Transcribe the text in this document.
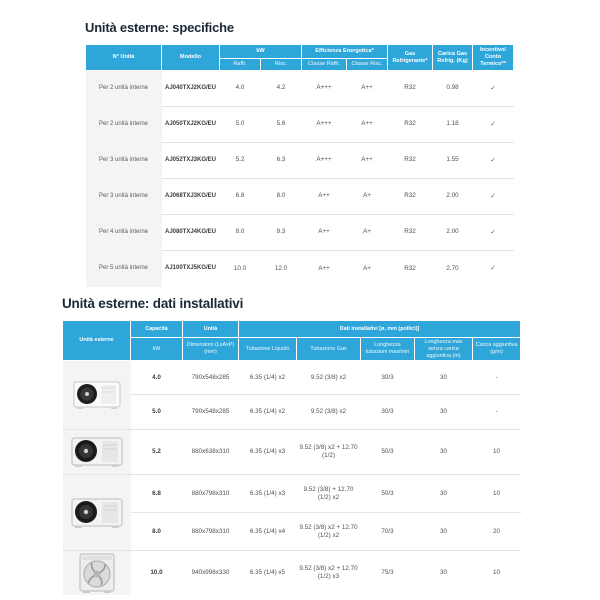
Unità esterne: specifiche
N° Unità	Modello	kW		Efficienza Energetica*		Gas Refrigerante*	Carica Gas Refrig. (Kg)	Incentivo/ Conto Termico**
		Raffr.	Risc.	Classe Raffr.	Classe Risc.			
Per 2 unità interne	AJ040TXJ2KG/EU	4.0	4.2	A+++	A++	R32	0.98	✓
Per 2 unità interne	AJ050TXJ2KG/EU	5.0	5.6	A+++	A++	R32	1.18	✓
Per 3 unità interne	AJ052TXJ3KG/EU	5.2	6.3	A+++	A++	R32	1.55	✓
Per 3 unità interne	AJ068TXJ3KG/EU	6.8	8.0	A++	A+	R32	2.00	✓
Per 4 unità interne	AJ080TXJ4KG/EU	8.0	9.3	A++	A+	R32	2.00	✓
Per 5 unità interne	AJ100TXJ5KG/EU	10.0	12.0	A++	A+	R32	2.70	✓
Unità esterne: dati installativi
Unità esterne	Capacità	Unità	Dati installativi [ø, mm (pollici)]				
	kW	Dimensioni (LxAxP) (mm)	Tubazione Liquido	Tubazione Gas	Lunghezza tubazioni max/min	Lunghezza max senza carica aggiuntiva (m)	Carica aggiuntiva (g/m)

	4.0	790x548x285	6.35 (1/4) x2	9.52 (3/8) x2	30/3	30	-
	5.0	790x548x285	6.35 (1/4) x2	9.52 (3/8) x2	30/3	30	-

	5.2	880x638x310	6.35 (1/4) x3	9.52 (3/8) x2 + 12.70 (1/2)	50/3	30	10

	6.8	880x798x310	6.35 (1/4) x3	9.52 (3/8) + 12.70 (1/2) x2	50/3	30	10
	8.0	880x798x310	6.35 (1/4) x4	9.52 (3/8) x2 + 12.70 (1/2) x2	70/3	30	20

	10.0	940x998x330	6.35 (1/4) x5	9.52 (3/8) x2 + 12.70 (1/2) x3	75/3	30	10
